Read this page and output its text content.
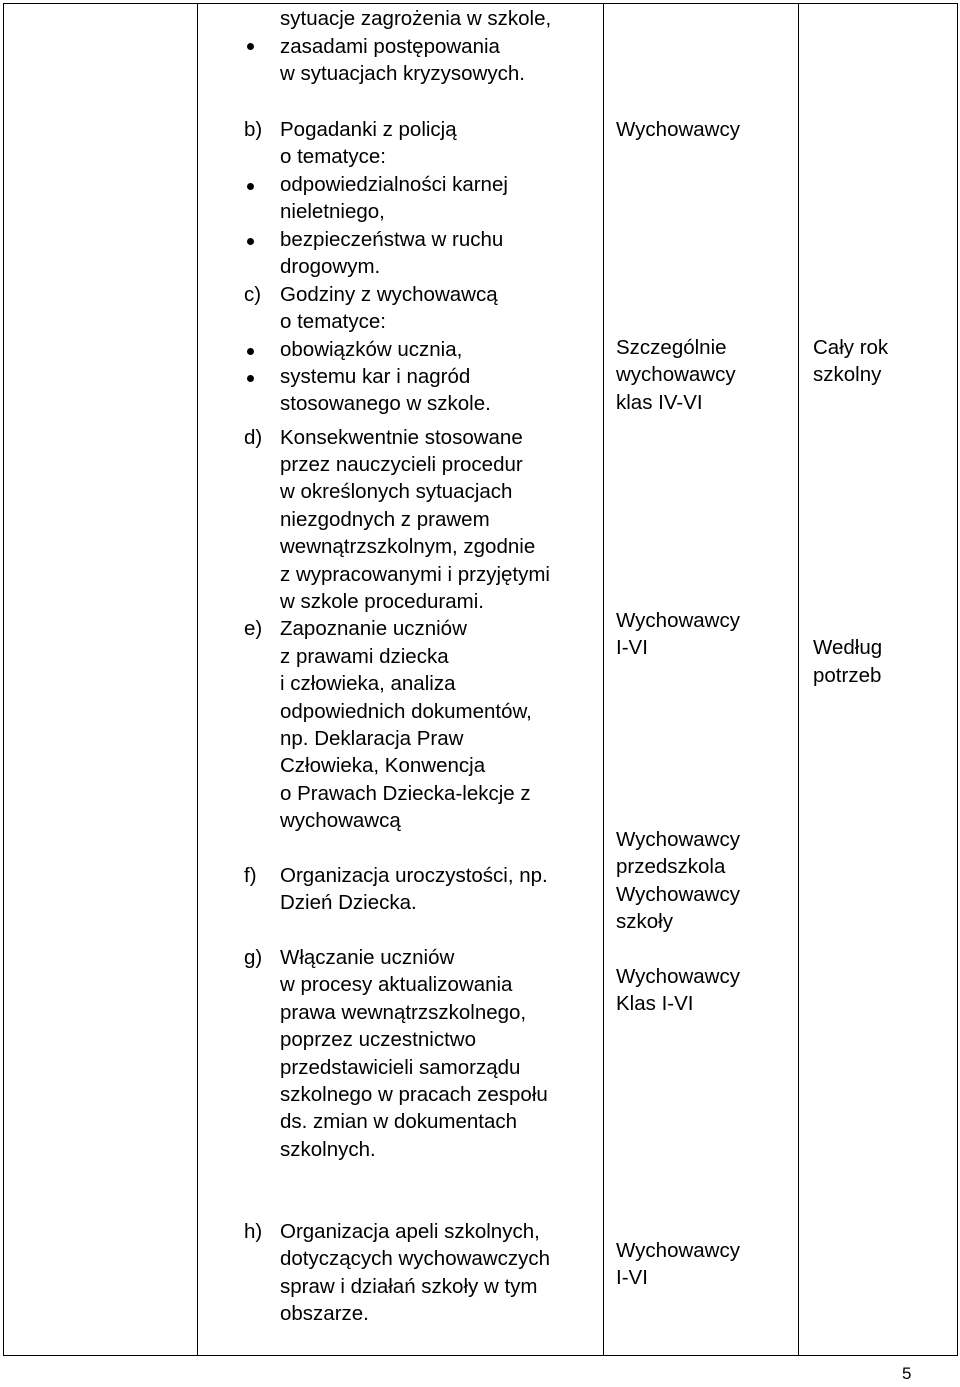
sytuacje zagrożenia w szkole,
zasadami postępowania
w sytuacjach kryzysowych.
b) Pogadanki z policją
o tematyce:
odpowiedzialności karnej
nieletniego,
bezpieczeństwa w ruchu
drogowym.
c) Godziny z wychowawcą
o tematyce:
obowiązków ucznia,
systemu kar i nagród
stosowanego w szkole.
d) Konsekwentnie stosowane
przez nauczycieli procedur
w określonych sytuacjach
niezgodnych z prawem
wewnątrzszkolnym, zgodnie
z wypracowanymi i przyjętymi
w szkole procedurami.
e) Zapoznanie uczniów
z prawami dziecka
i człowieka, analiza
odpowiednich dokumentów,
np. Deklaracja Praw
Człowieka, Konwencja
o Prawach Dziecka-lekcje z
wychowawcą
f) Organizacja uroczystości, np.
Dzień Dziecka.
g) Włączanie uczniów
w procesy aktualizowania
prawa wewnątrzszkolnego,
poprzez uczestnictwo
przedstawicieli samorządu
szkolnego w pracach zespołu
ds. zmian w dokumentach
szkolnych.
h) Organizacja apeli szkolnych,
dotyczących wychowawczych
spraw i działań szkoły w tym
obszarze.
Wychowawcy
Szczególnie
wychowawcy
klas IV-VI
Wychowawcy
I-VI
Wychowawcy
przedszkola
Wychowawcy
szkoły
Wychowawcy
Klas I-VI
Wychowawcy
I-VI
Cały rok
szkolny
Według
potrzeb
5
